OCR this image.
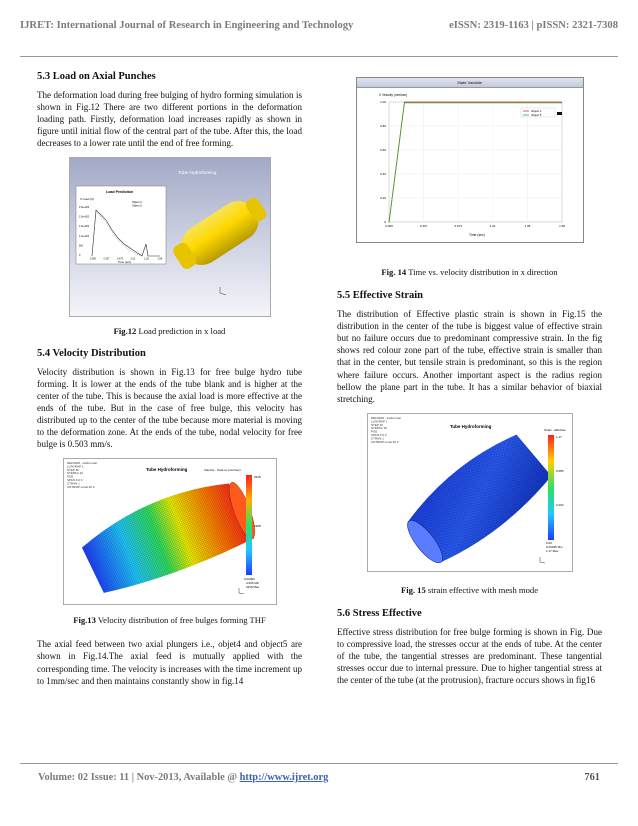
IJRET: International Journal of Research in Engineering and Technology	eISSN: 2319-1163 | pISSN: 2321-7308
5.3 Load on Axial Punches

The deformation load during free bulging of hydro forming simulation is shown in Fig.12 There are two different portions in the deformation loading path. Firstly, deformation load increases rapidly as shown in figure until initial flow of the central part of the tube. After this, the load decreases to a lower rate until the end of free forming.

Tube Hydroforming
Load Prediction
X Load (N)
2.5e+002
2.0e+002
1.5e+002
1.0e+002
500
0
0.000	0.327	0.673	1.01	1.35	1.68
Time (sec)
Object 4
Object 5

Fig.12 Load prediction in x load

5.4 Velocity Distribution

Velocity distribution is shown in Fig.13 for free bulge hydro tube forming. It is lower at the ends of the tube blank and is higher at the center of the tube. This is because the axial load is more effective at the ends of the tube. But in the case of free bulge, this velocity has distributed up to the center of the tube because more material is moving to the deformation zone. At the ends of the tube, nodal velocity for free bulge is 0.503 mm/s.

Tube Hydroforming
DEFORM - Isothermal LLRGRAP 1 STEP 40 STEPAC 10 PGE SPAN 0 0 0 CTRAN 1 CNTRMP Local 20 C
Velocity - Total ve (mm/sec)
2915
1908
0.00000
4.935 Min
2915 Max

Fig.13 Velocity distribution of free bulges forming THF

The axial feed between two axial plungers i.e., objet4 and object5 are shown in Fig.14.The axial feed is mutually applied with the corresponding time. The velocity is increases with the time increment up to 1mm/sec and then maintains constantly show in fig.14

State Variable
X Velocity (mm/sec)
1.00
0.80
0.60
0.40
0.20
0
0.000	0.337	0.673	1.01	1.35	1.68
Time (sec)
Object 4
Object 5

Fig. 14 Time vs. velocity distribution in x direction

5.5 Effective Strain

The distribution of Effective plastic strain is shown in Fig.15 the distribution in the center of the tube is biggest value of effective strain but no failure occurs due to predominant compressive strain. In the fig shows red colour zone part of the tube, effective strain is smaller than that in the center, but tensile strain is predominant, so this is the region where failure occurs. Another important aspect is the radius region bellow the plane part in the tube. It has a similar behavior of biaxial stretching.

DEFORM - Isothermal LLRGRAP 1 STEP 40 STEPAC 10 PGE SPAN 0 0 0 CTRAN 1 CNTRMP Local 20 C
Tube Hydroforming
Strain - Effective
1.17
0.585
0.292
0.00
0.00035 Min
1.17 Max

Fig. 15 strain effective with mesh mode

5.6 Stress Effective

Effective stress distribution for free bulge forming is shown in Fig. Due to compressive load, the stresses occur at the ends of tube. At the center of the tube, the tangential stresses are predominant. These tangential stresses occur due to internal pressure. Due to higher tangential stress at the center of the tube (at the protrusion), fracture occurs shows in fig16

Volume: 02 Issue: 11 | Nov-2013, Available @ http://www.ijret.org	761
